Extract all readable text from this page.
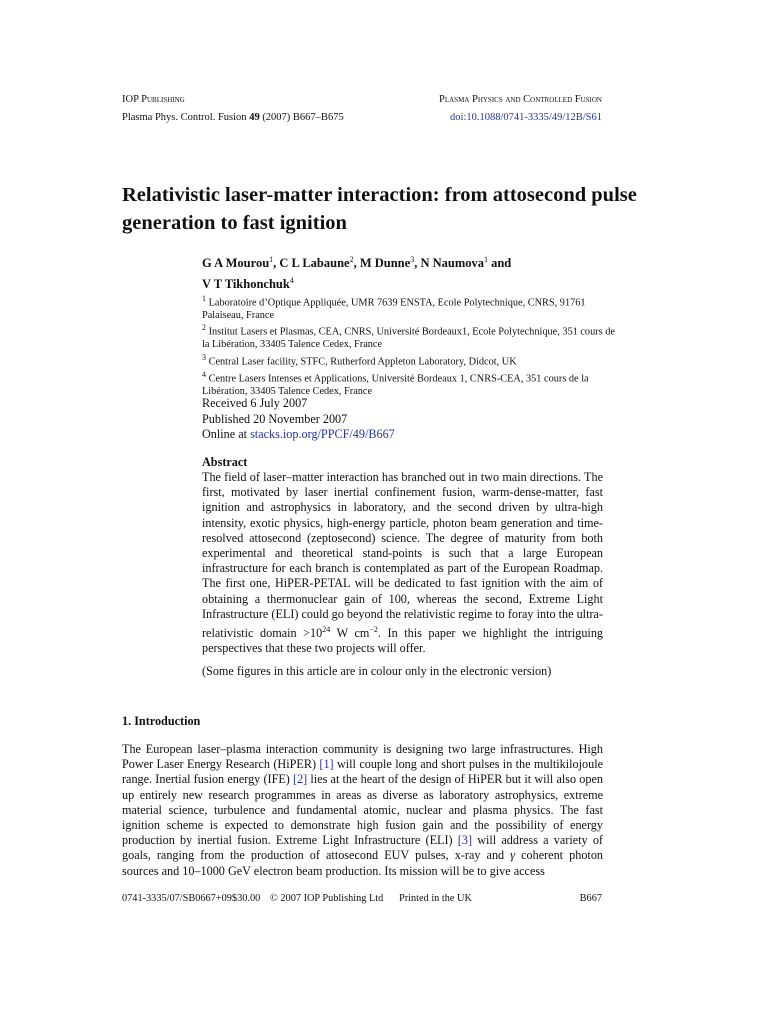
IOP Publishing	Plasma Physics and Controlled Fusion
Plasma Phys. Control. Fusion 49 (2007) B667–B675	doi:10.1088/0741-3335/49/12B/S61
Relativistic laser-matter interaction: from attosecond pulse generation to fast ignition
G A Mourou$^1$, C L Labaune$^2$, M Dunne$^3$, N Naumova$^1$ and
V T Tikhonchuk$^4$
$^1$ Laboratoire d’Optique Appliquée, UMR 7639 ENSTA, Ecole Polytechnique, CNRS, 91761 Palaiseau, France
$^2$ Institut Lasers et Plasmas, CEA, CNRS, Université Bordeaux1, Ecole Polytechnique, 351 cours de la Libération, 33405 Talence Cedex, France
$^3$ Central Laser facility, STFC, Rutherford Appleton Laboratory, Didcot, UK
$^4$ Centre Lasers Intenses et Applications, Université Bordeaux 1, CNRS-CEA, 351 cours de la Libération, 33405 Talence Cedex, France
Received 6 July 2007
Published 20 November 2007
Online at stacks.iop.org/PPCF/49/B667
Abstract
The field of laser–matter interaction has branched out in two main directions. The first, motivated by laser inertial confinement fusion, warm-dense-matter, fast ignition and astrophysics in laboratory, and the second driven by ultra-high intensity, exotic physics, high-energy particle, photon beam generation and time-resolved attosecond (zeptosecond) science. The degree of maturity from both experimental and theoretical stand-points is such that a large European infrastructure for each branch is contemplated as part of the European Roadmap. The first one, HiPER-PETAL will be dedicated to fast ignition with the aim of obtaining a thermonuclear gain of 100, whereas the second, Extreme Light Infrastructure (ELI) could go beyond the relativistic regime to foray into the ultra-relativistic domain $>10^{24}$ W $cm^{-2}$. In this paper we highlight the intriguing perspectives that these two projects will offer.
(Some figures in this article are in colour only in the electronic version)
1. Introduction
The European laser–plasma interaction community is designing two large infrastructures. High Power Laser Energy Research (HiPER) [1] will couple long and short pulses in the multikilojoule range. Inertial fusion energy (IFE) [2] lies at the heart of the design of HiPER but it will also open up entirely new research programmes in areas as diverse as laboratory astrophysics, extreme material science, turbulence and fundamental atomic, nuclear and plasma physics. The fast ignition scheme is expected to demonstrate high fusion gain and the possibility of energy production by inertial fusion. Extreme Light Infrastructure (ELI) [3] will address a variety of goals, ranging from the production of attosecond EUV pulses, x-ray and γ coherent photon sources and 10–1000 GeV electron beam production. Its mission will be to give access
0741-3335/07/SB0667+09$30.00 © 2007 IOP Publishing Ltd Printed in the UK	B667
